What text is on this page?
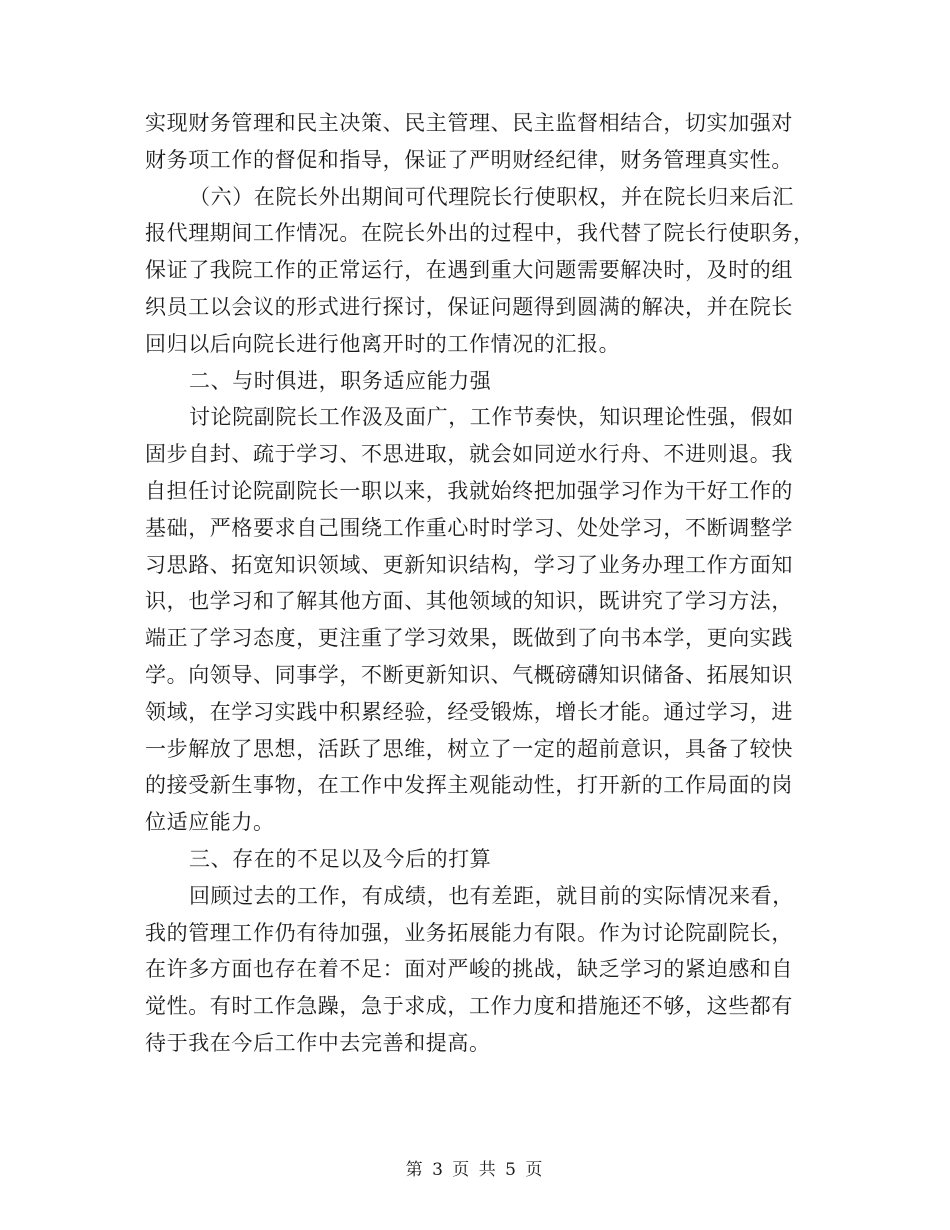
实现财务管理和民主决策、民主管理、民主监督相结合，切实加强对
财务项工作的督促和指导，保证了严明财经纪律，财务管理真实性。
（六）在院长外出期间可代理院长行使职权，并在院长归来后汇
报代理期间工作情况。在院长外出的过程中，我代替了院长行使职务，
保证了我院工作的正常运行，在遇到重大问题需要解决时，及时的组
织员工以会议的形式进行探讨，保证问题得到圆满的解决，并在院长
回归以后向院长进行他离开时的工作情况的汇报。
二、与时俱进，职务适应能力强
讨论院副院长工作汲及面广，工作节奏快，知识理论性强，假如
固步自封、疏于学习、不思进取，就会如同逆水行舟、不进则退。我
自担任讨论院副院长一职以来，我就始终把加强学习作为干好工作的
基础，严格要求自己围绕工作重心时时学习、处处学习，不断调整学
习思路、拓宽知识领域、更新知识结构，学习了业务办理工作方面知
识，也学习和了解其他方面、其他领域的知识，既讲究了学习方法，
端正了学习态度，更注重了学习效果，既做到了向书本学，更向实践
学。向领导、同事学，不断更新知识、气概磅礴知识储备、拓展知识
领域，在学习实践中积累经验，经受锻炼，增长才能。通过学习，进
一步解放了思想，活跃了思维，树立了一定的超前意识，具备了较快
的接受新生事物，在工作中发挥主观能动性，打开新的工作局面的岗
位适应能力。
三、存在的不足以及今后的打算
回顾过去的工作，有成绩，也有差距，就目前的实际情况来看，
我的管理工作仍有待加强，业务拓展能力有限。作为讨论院副院长，
在许多方面也存在着不足：面对严峻的挑战，缺乏学习的紧迫感和自
觉性。有时工作急躁，急于求成，工作力度和措施还不够，这些都有
待于我在今后工作中去完善和提高。
第 3 页 共 5 页
